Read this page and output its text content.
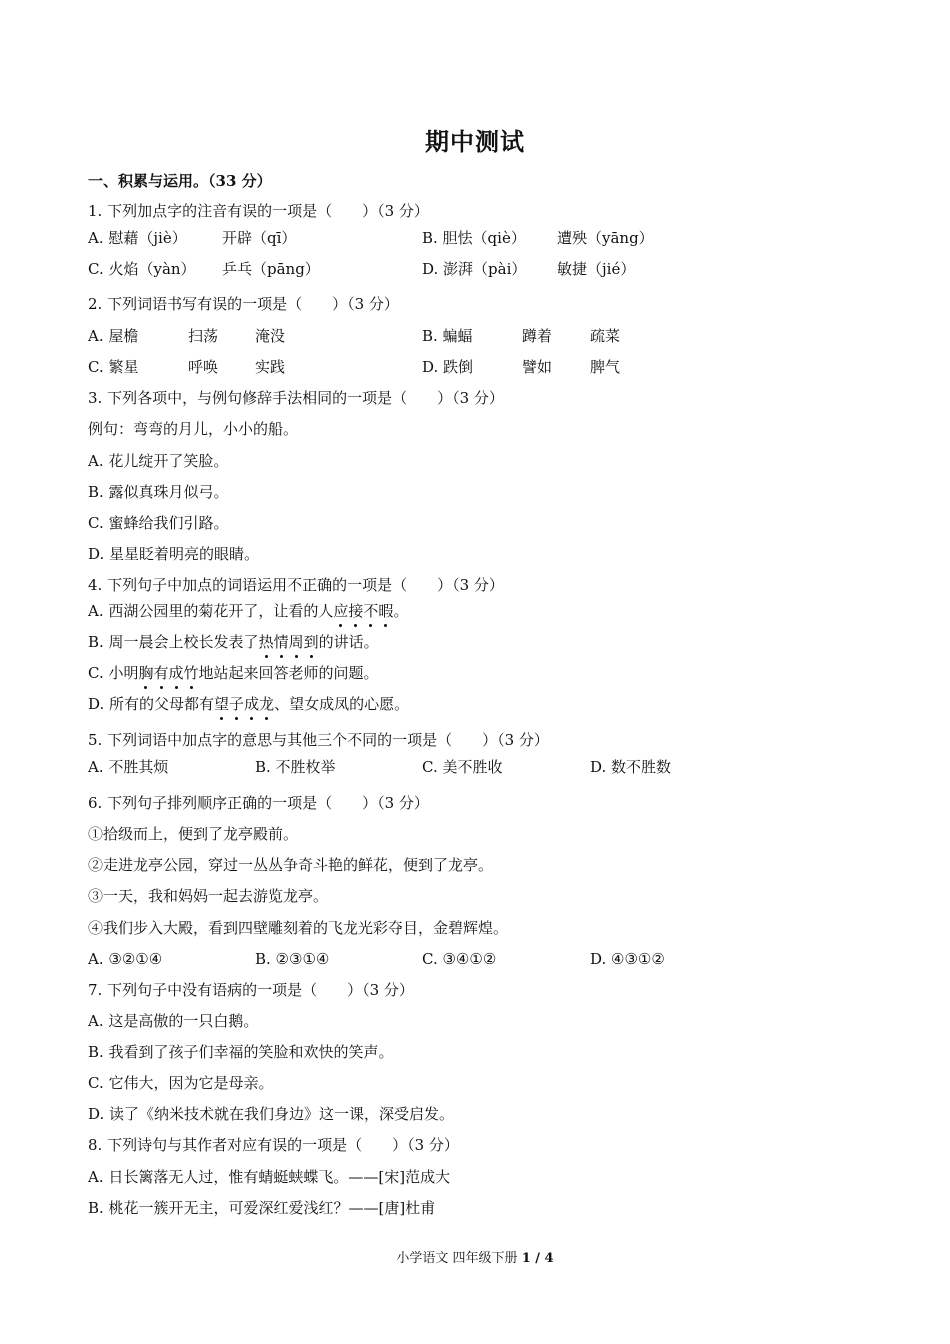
期中测试
一、积累与运用。（33 分）
1. 下列加点字的注音有误的一项是（　　）（3 分）
A. 慰藉（jiè） 开辟（qī）	B. 胆怯（qiè） 遭殃（yāng）
C. 火焰（yàn） 乒乓（pāng）	D. 澎湃（pài） 敏捷（jié）
2. 下列词语书写有误的一项是（　　）（3 分）
A. 屋檐	扫荡 淹没	B. 蝙蝠	蹲着	疏菜
C. 繁星	呼唤 实践	D. 跌倒	譬如	脾气
3. 下列各项中，与例句修辞手法相同的一项是（　　）（3 分）
例句：弯弯的月儿，小小的船。
A. 花儿绽开了笑脸。
B. 露似真珠月似弓。
C. 蜜蜂给我们引路。
D. 星星眨着明亮的眼睛。
4. 下列句子中加点的词语运用不正确的一项是（　　）（3 分）
A. 西湖公园里的菊花开了，让看的人应接不暇。
B. 周一晨会上校长发表了热情周到的讲话。
C. 小明胸有成竹地站起来回答老师的问题。
D. 所有的父母都有望子成龙、望女成凤的心愿。
5. 下列词语中加点字的意思与其他三个不同的一项是（　　）（3 分）
A. 不胜其烦	B. 不胜枚举	C. 美不胜收	D. 数不胜数
6. 下列句子排列顺序正确的一项是（　　）（3 分）
①拾级而上，便到了龙亭殿前。
②走进龙亭公园，穿过一丛丛争奇斗艳的鲜花，便到了龙亭。
③一天，我和妈妈一起去游览龙亭。
④我们步入大殿，看到四壁雕刻着的飞龙光彩夺目，金碧辉煌。
A. ③②①④	B. ②③①④	C. ③④①②	D. ④③①②
7. 下列句子中没有语病的一项是（　　）（3 分）
A. 这是高傲的一只白鹅。
B. 我看到了孩子们幸福的笑脸和欢快的笑声。
C. 它伟大，因为它是母亲。
D. 读了《纳米技术就在我们身边》这一课，深受启发。
8. 下列诗句与其作者对应有误的一项是（　　）（3 分）
A. 日长篱落无人过，惟有蜻蜓蛱蝶飞。——[宋]范成大
B. 桃花一簇开无主，可爱深红爱浅红？——[唐]杜甫
小学语文 四年级下册 1 / 4
